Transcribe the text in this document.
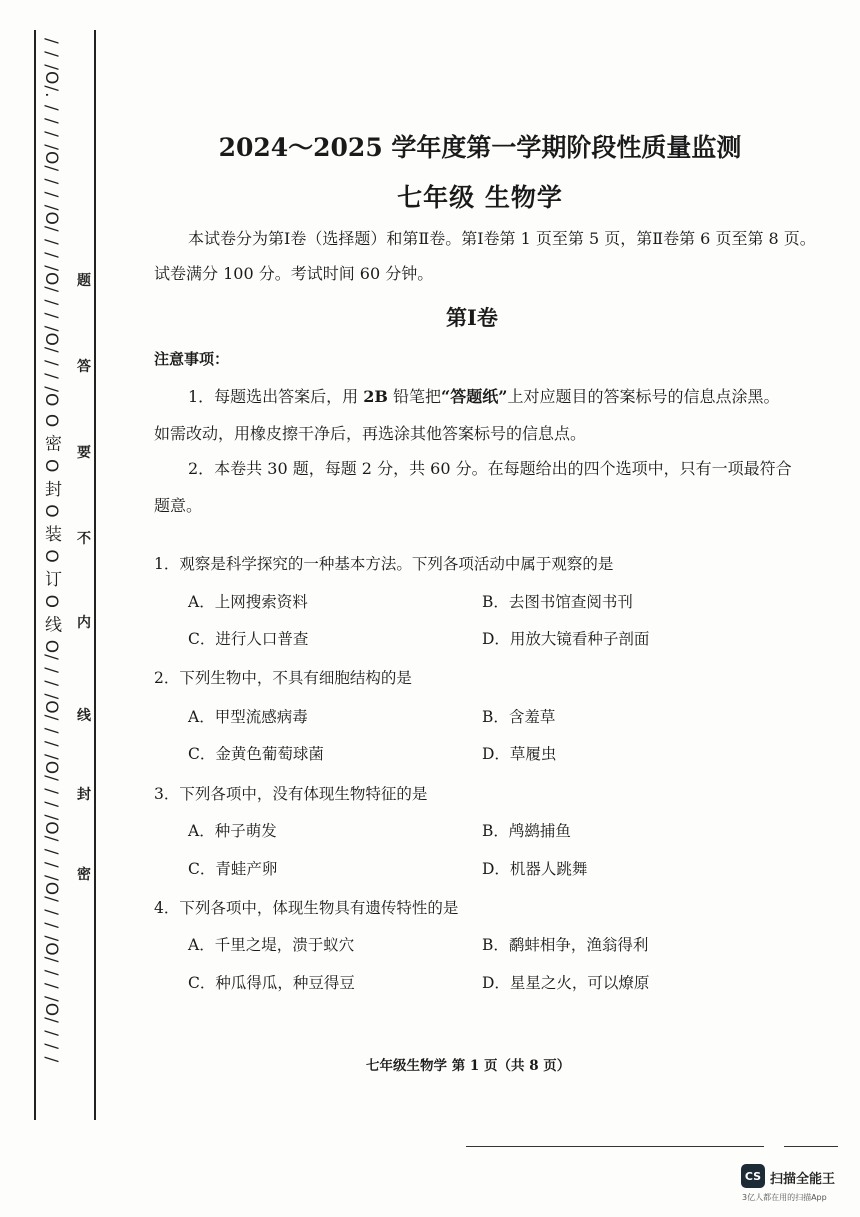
/ / /O/. / / / /O/ / / /O/ / / /O/ / / /O/ / / /O O 密 O 封 O 装 O 订 O 线 O/ / / /O/ / / /O/ / / /O/ / / /O/ / / /O/ / / /O/ / / / 密
封
线
内
不
要
答
题
2024～2025 学年度第一学期阶段性质量监测
七年级 生物学
本试卷分为第Ⅰ卷（选择题）和第Ⅱ卷。第Ⅰ卷第 1 页至第 5 页，第Ⅱ卷第 6 页至第 8 页。
试卷满分 100 分。考试时间 60 分钟。
第Ⅰ卷
注意事项：
1．每题选出答案后，用 2B 铅笔把“答题纸”上对应题目的答案标号的信息点涂黑。
如需改动，用橡皮擦干净后，再选涂其他答案标号的信息点。
2．本卷共 30 题，每题 2 分，共 60 分。在每题给出的四个选项中，只有一项最符合
题意。
1．观察是科学探究的一种基本方法。下列各项活动中属于观察的是
A．上网搜索资料	B．去图书馆查阅书刊
C．进行人口普查	D．用放大镜看种子剖面
2．下列生物中，不具有细胞结构的是
A．甲型流感病毒	B．含羞草
C．金黄色葡萄球菌	D．草履虫
3．下列各项中，没有体现生物特征的是
A．种子萌发	B．鸬鹚捕鱼
C．青蛙产卵	D．机器人跳舞
4．下列各项中，体现生物具有遗传特性的是
A．千里之堤，溃于蚁穴	B．鹬蚌相争，渔翁得利
C．种瓜得瓜，种豆得豆	D．星星之火，可以燎原
七年级生物学 第 1 页（共 8 页）
CS 扫描全能王
3亿人都在用的扫描App
